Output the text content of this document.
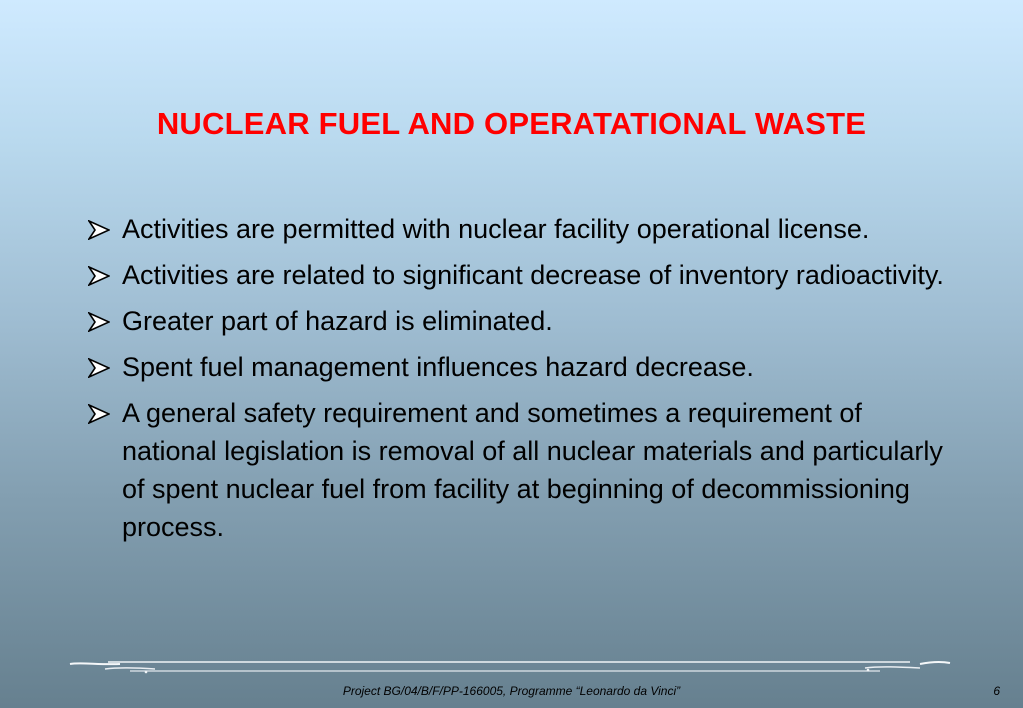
NUCLEAR FUEL AND OPERATATIONAL WASTE
Activities are permitted with nuclear facility operational license.
Activities are related to significant decrease of inventory radioactivity.
Greater part of hazard is eliminated.
Spent fuel management influences hazard decrease.
A general safety requirement and sometimes a requirement of national legislation is removal of all nuclear materials and particularly of spent nuclear fuel from facility at beginning of decommissioning process.
Project BG/04/B/F/PP-166005, Programme “Leonardo da Vinci”	6
